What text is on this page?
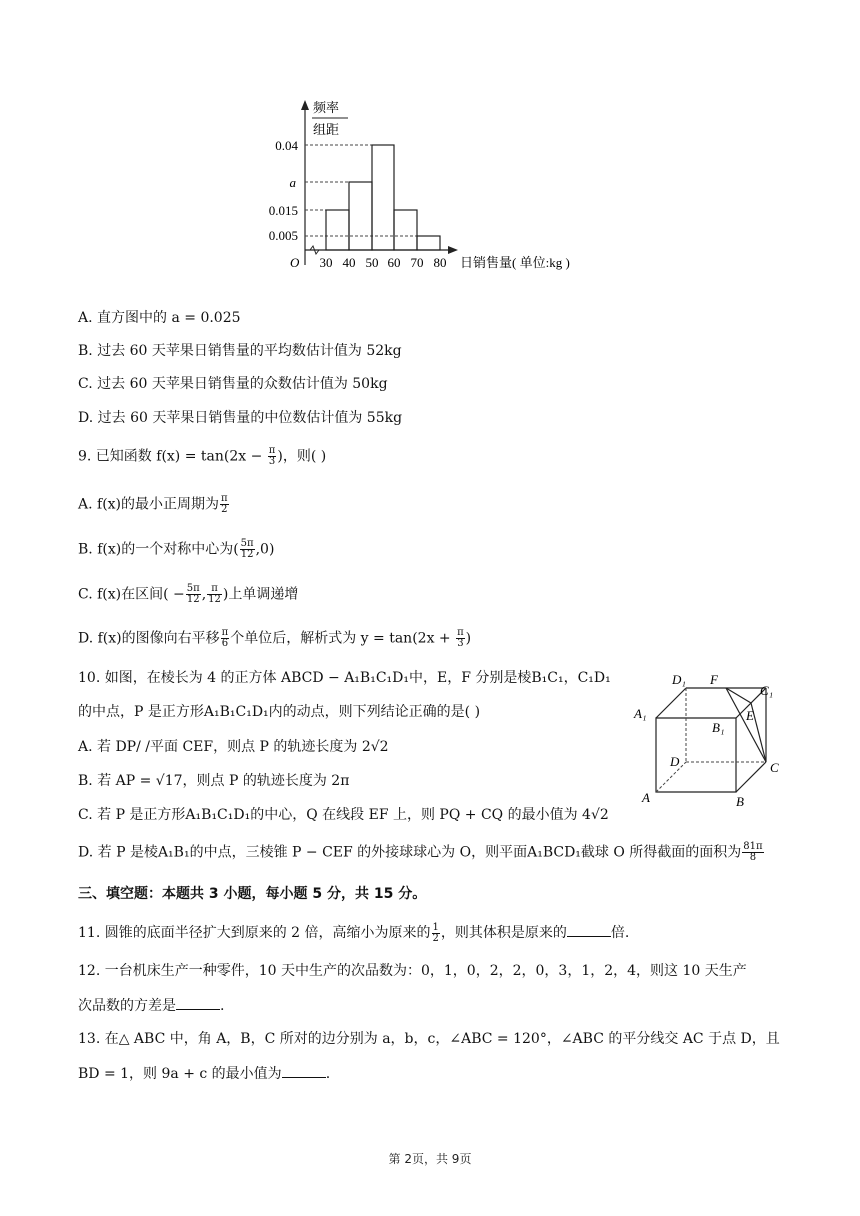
频率
组距
0.04
a
0.015
0.005
O 30 40 50 60 70 80 日销售量( 单位:kg )
A. 直方图中的 a = 0.025
B. 过去 60 天苹果日销售量的平均数估计值为 52kg
C. 过去 60 天苹果日销售量的众数估计值为 50kg
D. 过去 60 天苹果日销售量的中位数估计值为 55kg
9. 已知函数 $f(x) = \tan(2x - \frac{\pi}{3}$ )，则( )
A. f(x)的最小正周期为 $\frac{\pi}{2}$
B. f(x)的一个对称中心为( $\frac{5\pi}{12} ,0$)
C. f(x)在区间( − $\frac{5\pi}{12}$ , $\frac{\pi}{12}$ )上单调递增
D. f(x)的图像向右平移 $\frac{\pi}{6}$ 个单位后，解析式为 $y = \tan(2x + \frac{\pi}{3}$ )
10. 如图，在棱长为 4 的正方体 ABCD − A₁B₁C₁D₁中，E，F 分别是棱B₁C₁，C₁D₁
的中点，P 是正方形A₁B₁C₁D₁内的动点，则下列结论正确的是( )
A. 若 DP/ /平面 CEF，则点 P 的轨迹长度为 2√2
B. 若 AP = √17，则点 P 的轨迹长度为 2π
C. 若 P 是正方形A₁B₁C₁D₁的中心，Q 在线段 EF 上，则 PQ + CQ 的最小值为 4√2
D. 若 P 是棱A₁B₁的中点，三棱锥 P − CEF 的外接球球心为 O，则平面A₁BCD₁截球 O 所得截面的面积为 $\frac{81\pi}{8}$
D₁ F
C₁
A₁
B₁
E
D	C
A	B
三、填空题：本题共 3 小题，每小题 5 分，共 15 分。
11. 圆锥的底面半径扩大到原来的 2 倍，高缩小为原来的 $\frac{1}{2}$ ，则其体积是原来的	倍.
12. 一台机床生产一种零件，10 天中生产的次品数为：0，1，0，2，2，0，3，1，2，4，则这 10 天生产
次品数的方差是	.
13. 在△ ABC 中，角 A，B，C 所对的边分别为 a，b，c，∠ABC = 120°，∠ABC 的平分线交 AC 于点 D，且
BD = 1，则 9a + c 的最小值为	.
第 2页，共 9页
